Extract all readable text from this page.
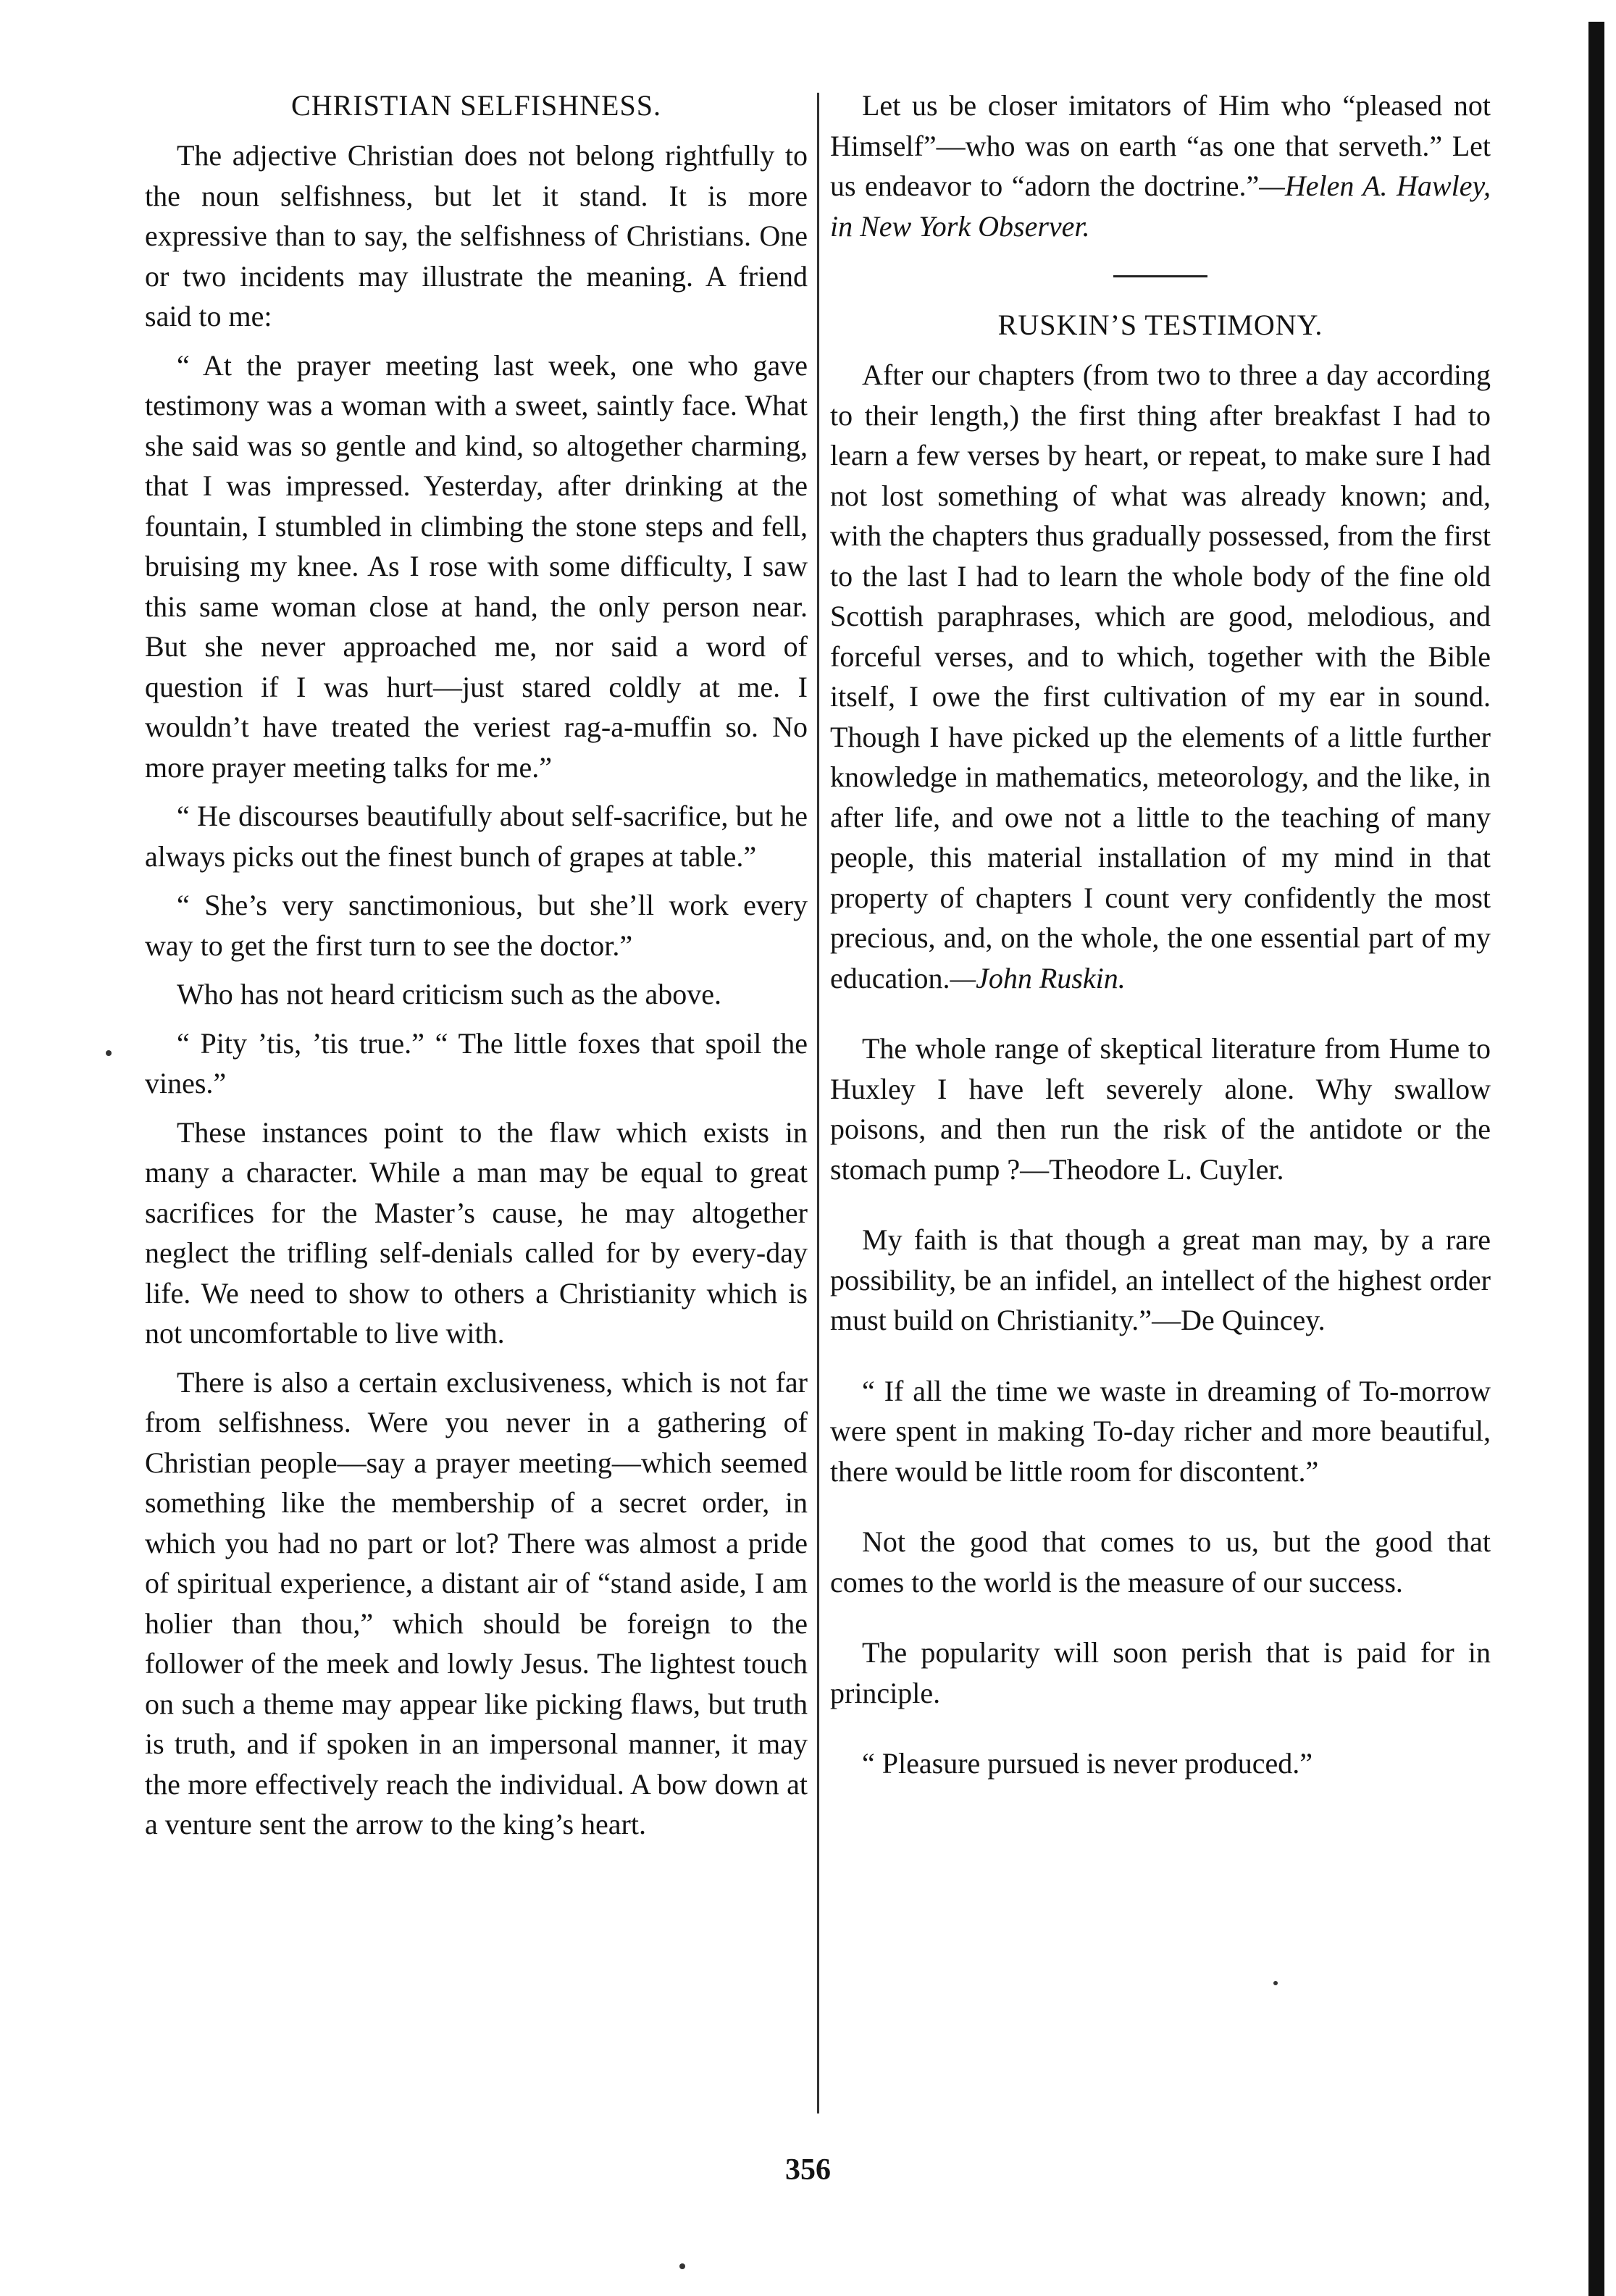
CHRISTIAN SELFISHNESS.

The adjective Christian does not belong rightfully to the noun selfishness, but let it stand. It is more expressive than to say, the selfishness of Christians. One or two incidents may illustrate the meaning. A friend said to me:

“ At the prayer meeting last week, one who gave testimony was a woman with a sweet, saintly face. What she said was so gentle and kind, so altogether charming, that I was impressed. Yesterday, after drinking at the fountain, I stumbled in climbing the stone steps and fell, bruising my knee. As I rose with some difficulty, I saw this same woman close at hand, the only person near. But she never approached me, nor said a word of question if I was hurt—just stared coldly at me. I wouldn’t have treated the veriest rag-a-muffin so. No more prayer meeting talks for me.”

“ He discourses beautifully about self-sacrifice, but he always picks out the finest bunch of grapes at table.”

“ She’s very sanctimonious, but she’ll work every way to get the first turn to see the doctor.”

Who has not heard criticism such as the above.

“ Pity ’tis, ’tis true.” “ The little foxes that spoil the vines.”

These instances point to the flaw which exists in many a character. While a man may be equal to great sacrifices for the Master’s cause, he may altogether neglect the trifling self-denials called for by every-day life. We need to show to others a Christianity which is not uncomfortable to live with.

There is also a certain exclusiveness, which is not far from selfishness. Were you never in a gathering of Christian people—say a prayer meeting—which seemed something like the membership of a secret order, in which you had no part or lot? There was almost a pride of spiritual experience, a distant air of “stand aside, I am holier than thou,” which should be foreign to the follower of the meek and lowly Jesus. The lightest touch on such a theme may appear like picking flaws, but truth is truth, and if spoken in an impersonal manner, it may the more effectively reach the individual. A bow down at a venture sent the arrow to the king’s heart.

Let us be closer imitators of Him who “pleased not Himself”—who was on earth “as one that serveth.” Let us endeavor to “adorn the doctrine.”—Helen A. Hawley, in New York Observer.

RUSKIN’S TESTIMONY.

After our chapters (from two to three a day according to their length,) the first thing after breakfast I had to learn a few verses by heart, or repeat, to make sure I had not lost something of what was already known; and, with the chapters thus gradually possessed, from the first to the last I had to learn the whole body of the fine old Scottish paraphrases, which are good, melodious, and forceful verses, and to which, together with the Bible itself, I owe the first cultivation of my ear in sound. Though I have picked up the elements of a little further knowledge in mathematics, meteorology, and the like, in after life, and owe not a little to the teaching of many people, this material installation of my mind in that property of chapters I count very confidently the most precious, and, on the whole, the one essential part of my education.—John Ruskin.

The whole range of skeptical literature from Hume to Huxley I have left severely alone. Why swallow poisons, and then run the risk of the antidote or the stomach pump ?—Theodore L. Cuyler.

My faith is that though a great man may, by a rare possibility, be an infidel, an intellect of the highest order must build on Christianity.”—De Quincey.

“ If all the time we waste in dreaming of To-morrow were spent in making To-day richer and more beautiful, there would be little room for discontent.”

Not the good that comes to us, but the good that comes to the world is the measure of our success.

The popularity will soon perish that is paid for in principle.

“ Pleasure pursued is never produced.”

356
